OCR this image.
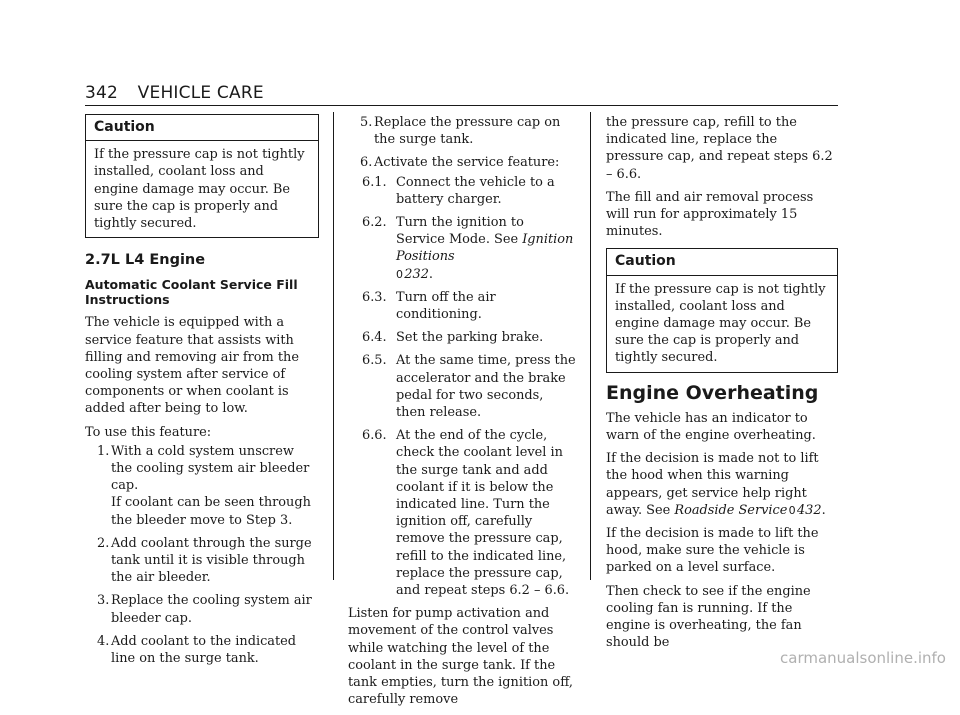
342 VEHICLE CARE
Caution
If the pressure cap is not tightly installed, coolant loss and engine damage may occur. Be sure the cap is properly and tightly secured.
2.7L L4 Engine
Automatic Coolant Service Fill Instructions

The vehicle is equipped with a service feature that assists with filling and removing air from the cooling system after service of components or when coolant is added after being to low.

To use this feature:

1. With a cold system unscrew the cooling system air bleeder cap.
If coolant can be seen through the bleeder move to Step 3.
2. Add coolant through the surge tank until it is visible through the air bleeder.
3. Replace the cooling system air bleeder cap.
4. Add coolant to the indicated line on the surge tank.
5. Replace the pressure cap on the surge tank.
6. Activate the service feature:
6.1. Connect the vehicle to a battery charger.
6.2. Turn the ignition to Service Mode. See Ignition Positions
0 232.
6.3. Turn off the air conditioning.
6.4. Set the parking brake.
6.5. At the same time, press the accelerator and the brake pedal for two seconds, then release.
6.6. At the end of the cycle, check the coolant level in the surge tank and add coolant if it is below the indicated line. Turn the ignition off, carefully remove the pressure cap, refill to the indicated line, replace the pressure cap, and repeat steps 6.2 – 6.6.

Listen for pump activation and movement of the control valves while watching the level of the coolant in the surge tank. If the tank empties, turn the ignition off, carefully remove

the pressure cap, refill to the indicated line, replace the pressure cap, and repeat steps 6.2 – 6.6.

The fill and air removal process will run for approximately 15 minutes.

Caution
If the pressure cap is not tightly installed, coolant loss and engine damage may occur. Be sure the cap is properly and tightly secured.
Engine Overheating

The vehicle has an indicator to warn of the engine overheating.

If the decision is made not to lift the hood when this warning appears, get service help right away. See Roadside Service 0 432.

If the decision is made to lift the hood, make sure the vehicle is parked on a level surface.

Then check to see if the engine cooling fan is running. If the engine is overheating, the fan should be

carmanualsonline.info
